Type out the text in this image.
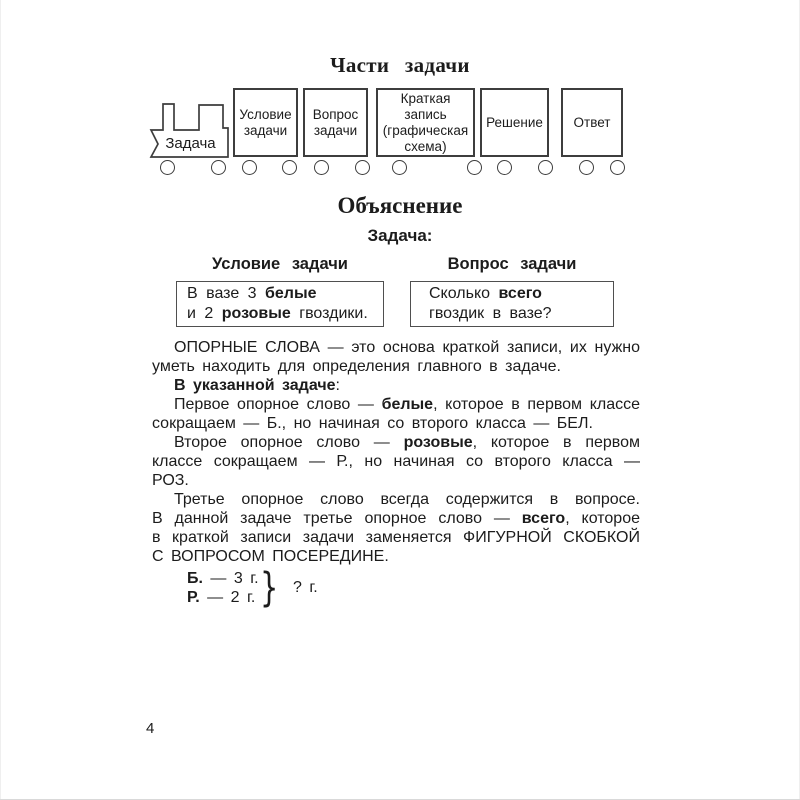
Части задачи
Задача
Условие задачи
Вопрос задачи
Краткая запись (графическая схема)
Решение Ответ
Объяснение
Задача:
Условие задачи	Вопрос задачи
В вазе 3 белые
и 2 розовые гвоздики.
Сколько всего
гвоздик в вазе?

ОПОРНЫЕ СЛОВА — это основа краткой записи, их нужно
уметь находить для определения главного в задаче.

В указанной задаче:

Первое опорное слово — белые, которое в первом классе
сокращаем — Б., но начиная со второго класса — БЕЛ.

Второе опорное слово — розовые, которое в первом
классе сокращаем — Р., но начиная со второго класса —
РОЗ.

Третье опорное слово всегда содержится в вопросе.
В данной задаче третье опорное слово — всего, которое
в краткой записи задачи заменяется ФИГУРНОЙ СКОБКОЙ
С ВОПРОСОМ ПОСЕРЕДИНЕ.

Б. — 3 г.
Р. — 2 г. } ? г.
4
